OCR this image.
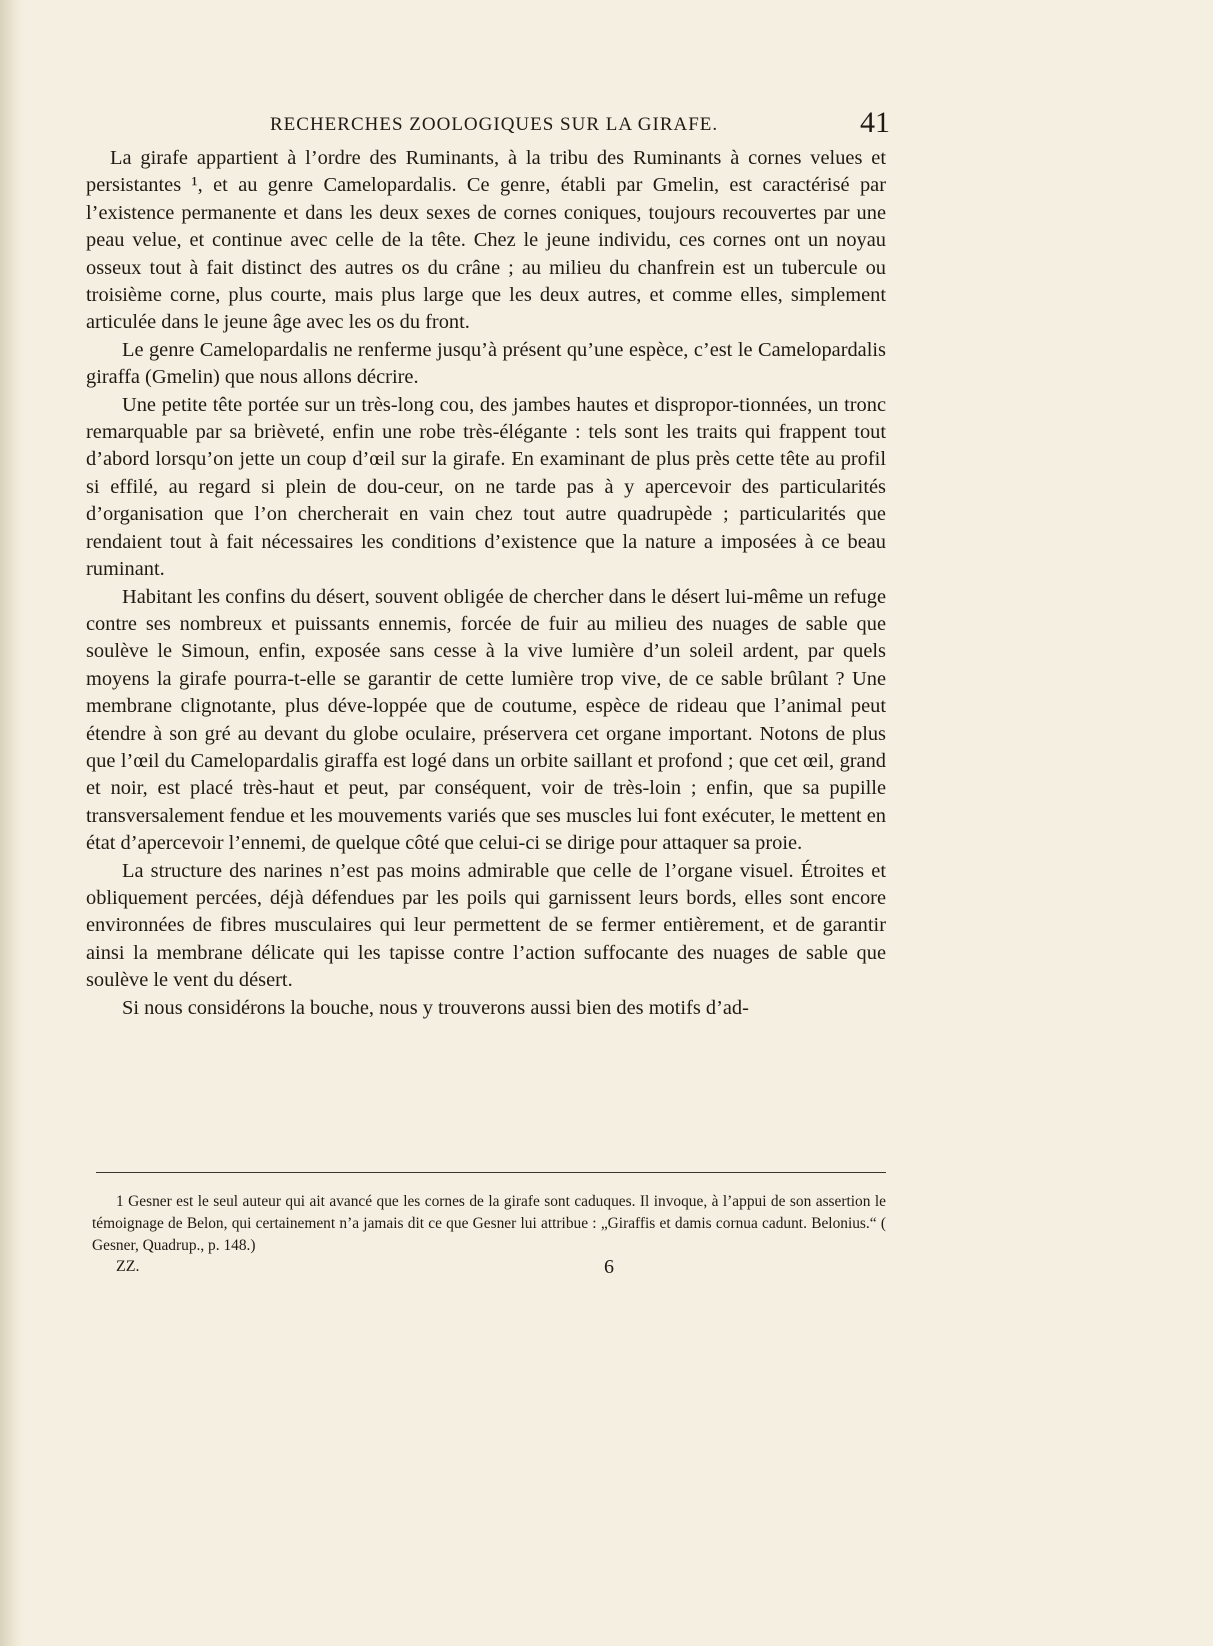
RECHERCHES ZOOLOGIQUES SUR LA GIRAFE.	41

La girafe appartient à l’ordre des Ruminants, à la tribu des Ruminants à cornes velues et persistantes ¹, et au genre Camelopardalis. Ce genre, établi par Gmelin, est caractérisé par l’existence permanente et dans les deux sexes de cornes coniques, toujours recouvertes par une peau velue, et continue avec celle de la tête. Chez le jeune individu, ces cornes ont un noyau osseux tout à fait distinct des autres os du crâne ; au milieu du chanfrein est un tubercule ou troisième corne, plus courte, mais plus large que les deux autres, et comme elles, simplement articulée dans le jeune âge avec les os du front.

Le genre Camelopardalis ne renferme jusqu’à présent qu’une espèce, c’est le Camelopardalis giraffa (Gmelin) que nous allons décrire.

Une petite tête portée sur un très-long cou, des jambes hautes et dispropor-tionnées, un tronc remarquable par sa brièveté, enfin une robe très-élégante : tels sont les traits qui frappent tout d’abord lorsqu’on jette un coup d’œil sur la girafe. En examinant de plus près cette tête au profil si effilé, au regard si plein de dou-ceur, on ne tarde pas à y apercevoir des particularités d’organisation que l’on chercherait en vain chez tout autre quadrupède ; particularités que rendaient tout à fait nécessaires les conditions d’existence que la nature a imposées à ce beau ruminant.

Habitant les confins du désert, souvent obligée de chercher dans le désert lui-même un refuge contre ses nombreux et puissants ennemis, forcée de fuir au milieu des nuages de sable que soulève le Simoun, enfin, exposée sans cesse à la vive lumière d’un soleil ardent, par quels moyens la girafe pourra-t-elle se garantir de cette lumière trop vive, de ce sable brûlant ? Une membrane clignotante, plus déve-loppée que de coutume, espèce de rideau que l’animal peut étendre à son gré au devant du globe oculaire, préservera cet organe important. Notons de plus que l’œil du Camelopardalis giraffa est logé dans un orbite saillant et profond ; que cet œil, grand et noir, est placé très-haut et peut, par conséquent, voir de très-loin ; enfin, que sa pupille transversalement fendue et les mouvements variés que ses muscles lui font exécuter, le mettent en état d’apercevoir l’ennemi, de quelque côté que celui-ci se dirige pour attaquer sa proie.

La structure des narines n’est pas moins admirable que celle de l’organe visuel. Étroites et obliquement percées, déjà défendues par les poils qui garnissent leurs bords, elles sont encore environnées de fibres musculaires qui leur permettent de se fermer entièrement, et de garantir ainsi la membrane délicate qui les tapisse contre l’action suffocante des nuages de sable que soulève le vent du désert.

Si nous considérons la bouche, nous y trouverons aussi bien des motifs d’ad-

1 Gesner est le seul auteur qui ait avancé que les cornes de la girafe sont caduques. Il invoque, à l’appui de son assertion le témoignage de Belon, qui certainement n’a jamais dit ce que Gesner lui attribue : „Giraffis et damis cornua cadunt. Belonius.“ ( Gesner, Quadrup., p. 148.)

ZZ.	6
